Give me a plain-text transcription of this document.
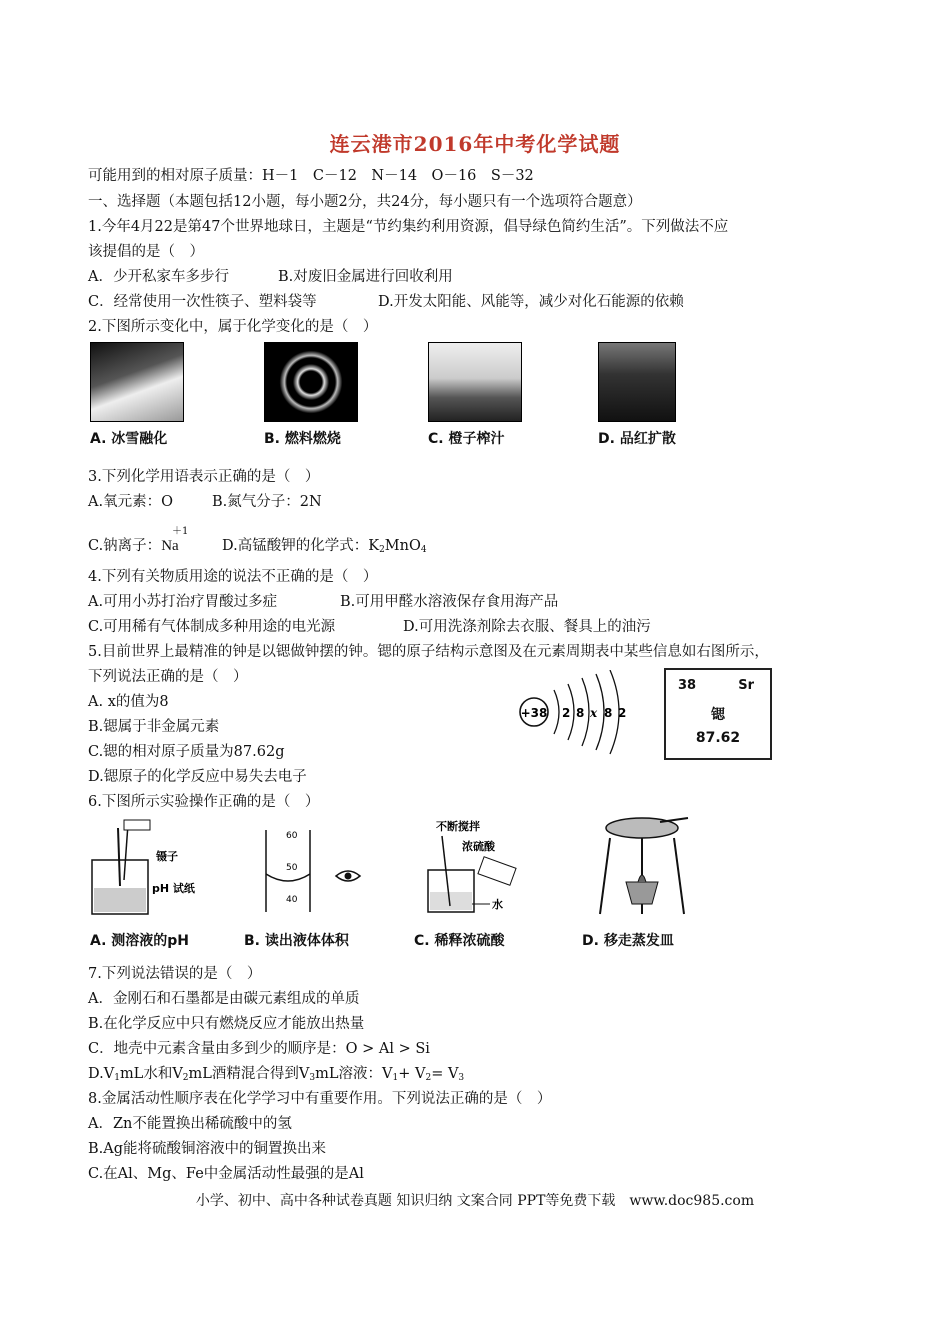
连云港市2016年中考化学试题
可能用到的相对原子质量：H－1　C－12　N－14　O－16　S－32
一、选择题（本题包括12小题，每小题2分，共24分，每小题只有一个选项符合题意）
1.今年4月22是第47个世界地球日，主题是“节约集约利用资源，倡导绿色简约生活”。下列做法不应
该提倡的是（　）
A．少开私家车多步行	B.对废旧金属进行回收利用
C．经常使用一次性筷子、塑料袋等	D.开发太阳能、风能等，减少对化石能源的依赖
2.下图所示变化中，属于化学变化的是（　）
A. 冰雪融化	B. 燃料燃烧	C. 橙子榨汁	D. 品红扩散
3.下列化学用语表示正确的是（　）
A.氧元素：O	B.氮气分子：2N
＋1
C.钠离子：Na	D.高锰酸钾的化学式：$K_2MnO_4$
4.下列有关物质用途的说法不正确的是（　）
A.可用小苏打治疗胃酸过多症	B.可用甲醛水溶液保存食用海产品
C.可用稀有气体制成多种用途的电光源	D.可用洗涤剂除去衣服、餐具上的油污
5.目前世界上最精准的钟是以锶做钟摆的钟。锶的原子结构示意图及在元素周期表中某些信息如右图所示，
下列说法正确的是（　）
A. x的值为8
B.锶属于非金属元素
C.锶的相对原子质量为87.62g
D.锶原子的化学反应中易失去电子
+38 2 8 x 8 2
38	Sr
锶
87.62
6.下图所示实验操作正确的是（　）
镊子
pH 试纸
A. 测溶液的pH
60
50
40
B. 读出液体体积
不断搅拌
浓硫酸
水
C. 稀释浓硫酸	D. 移走蒸发皿
7.下列说法错误的是（　）
A．金刚石和石墨都是由碳元素组成的单质
B.在化学反应中只有燃烧反应才能放出热量
C．地壳中元素含量由多到少的顺序是：O > Al > Si
$D.V_1mL$水和$V_2mL$酒精混合得到$V_3mL$溶液：$V_1+ V_2= V_3$
8.金属活动性顺序表在化学学习中有重要作用。下列说法正确的是（　）
A．Zn不能置换出稀硫酸中的氢
B.Ag能将硫酸铜溶液中的铜置换出来
C.在Al、Mg、Fe中金属活动性最强的是Al
小学、初中、高中各种试卷真题 知识归纳 文案合同 PPT等免费下载　www.doc985.com
